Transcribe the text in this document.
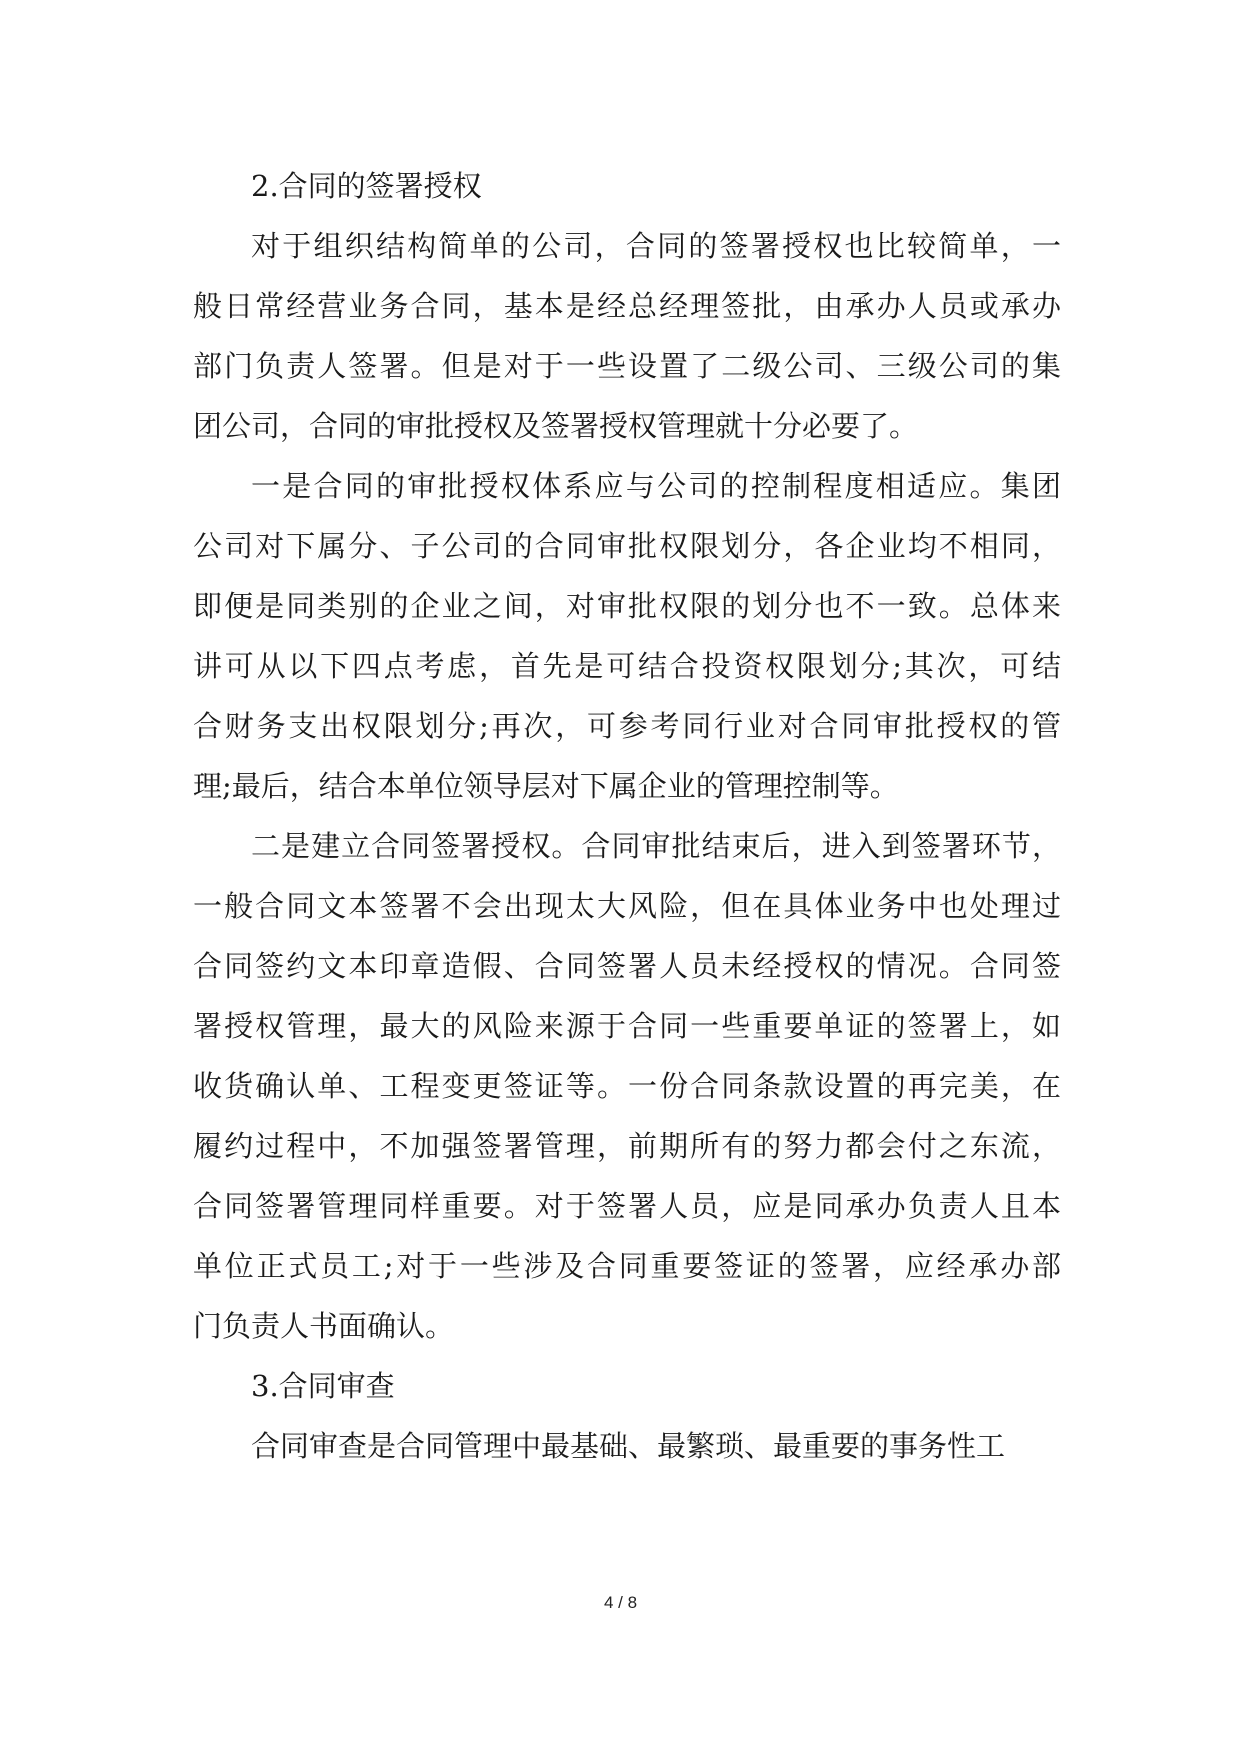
2.合同的签署授权

对于组织结构简单的公司，合同的签署授权也比较简单，一
般日常经营业务合同，基本是经总经理签批，由承办人员或承办
部门负责人签署。但是对于一些设置了二级公司、三级公司的集
团公司，合同的审批授权及签署授权管理就十分必要了。

一是合同的审批授权体系应与公司的控制程度相适应。集团
公司对下属分、子公司的合同审批权限划分，各企业均不相同，
即便是同类别的企业之间，对审批权限的划分也不一致。总体来
讲可从以下四点考虑，首先是可结合投资权限划分;其次，可结
合财务支出权限划分;再次，可参考同行业对合同审批授权的管
理;最后，结合本单位领导层对下属企业的管理控制等。

二是建立合同签署授权。合同审批结束后，进入到签署环节，
一般合同文本签署不会出现太大风险，但在具体业务中也处理过
合同签约文本印章造假、合同签署人员未经授权的情况。合同签
署授权管理，最大的风险来源于合同一些重要单证的签署上，如
收货确认单、工程变更签证等。一份合同条款设置的再完美，在
履约过程中，不加强签署管理，前期所有的努力都会付之东流，
合同签署管理同样重要。对于签署人员，应是同承办负责人且本
单位正式员工;对于一些涉及合同重要签证的签署，应经承办部
门负责人书面确认。

3.合同审查

合同审查是合同管理中最基础、最繁琐、最重要的事务性工

4 / 8
